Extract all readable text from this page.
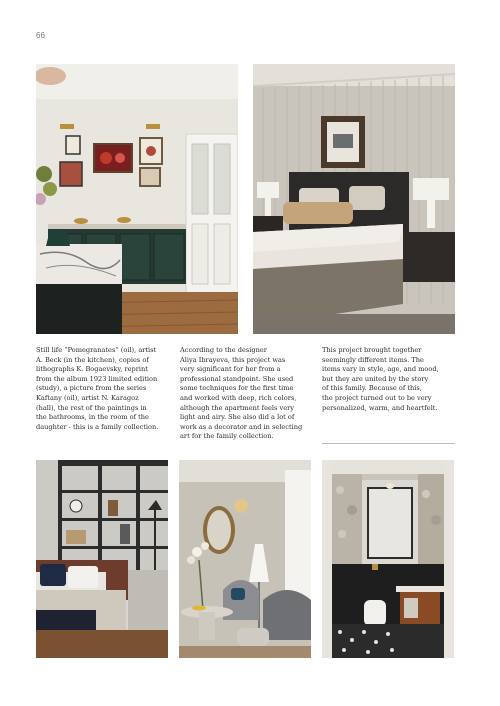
66
Still life “Pomegranates” (oil), artist
A. Beck (in the kitchen), copies of
lithographs K. Bogaevsky, reprint
from the album 1923 limited edition
(study), a picture from the series
Kaftany (oil), artist N. Karagoz
(hall), the rest of the paintings in
the bathrooms, in the room of the
daughter - this is a family collection.
According to the designer
Aliya Ibrayeva, this project was
very significant for her from a
professional standpoint. She used
some techniques for the first time
and worked with deep, rich colors,
although the apartment feels very
light and airy. She also did a lot of
work as a decorator and in selecting
art for the family collection.
This project brought together
seemingly different items. The
items vary in style, age, and mood,
but they are united by the story
of this family. Because of this,
the project turned out to be very
personalized, warm, and heartfelt.
